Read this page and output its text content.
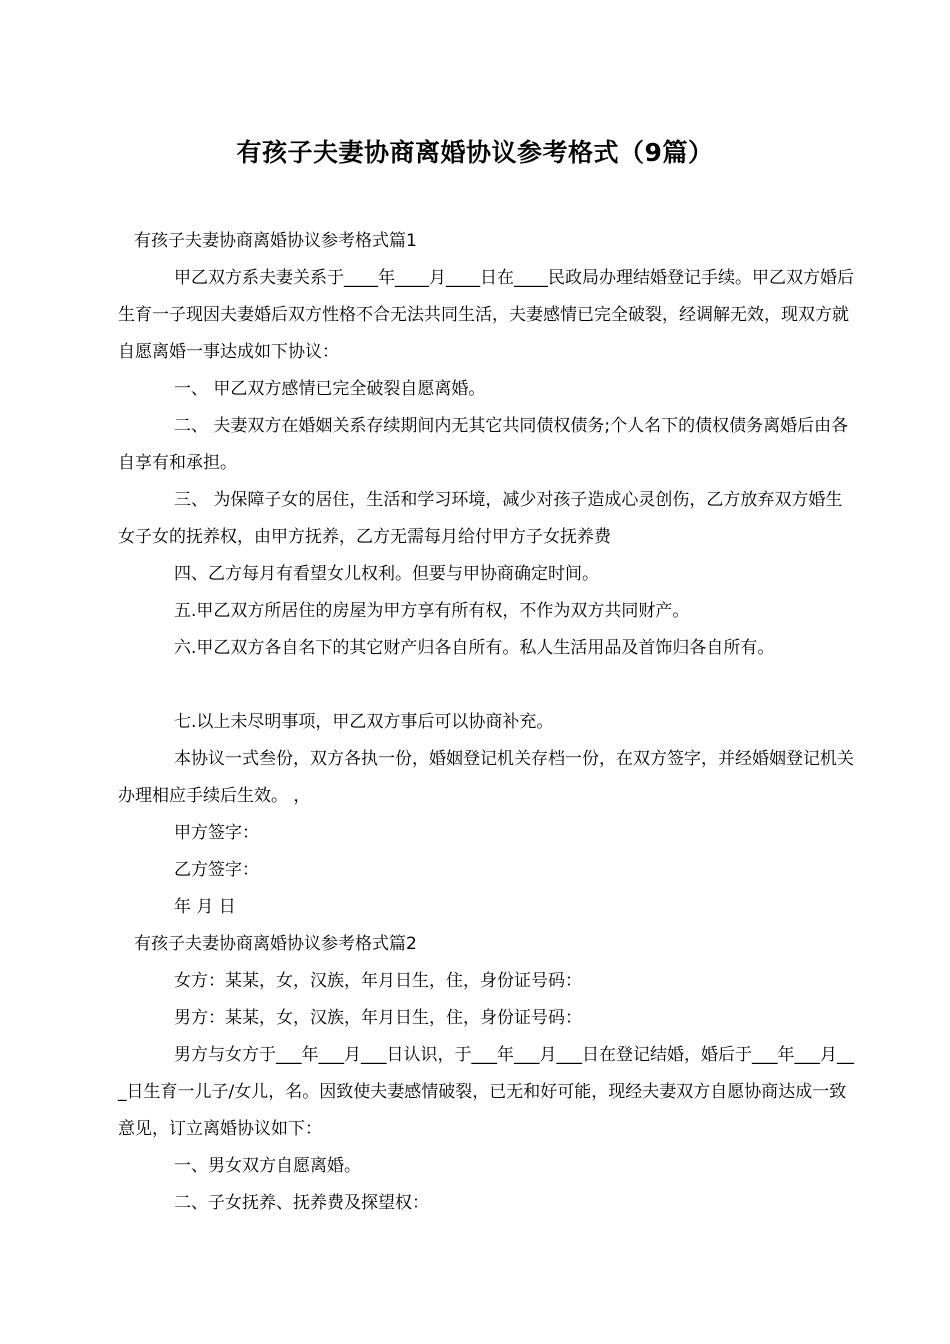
有孩子夫妻协商离婚协议参考格式（9篇）

有孩子夫妻协商离婚协议参考格式篇1

甲乙双方系夫妻关系于____年____月____日在____民政局办理结婚登记手续。甲乙双方婚后生育一子现因夫妻婚后双方性格不合无法共同生活，夫妻感情已完全破裂，经调解无效，现双方就自愿离婚一事达成如下协议：

一、 甲乙双方感情已完全破裂自愿离婚。

二、 夫妻双方在婚姻关系存续期间内无其它共同债权债务;个人名下的债权债务离婚后由各自享有和承担。

三、 为保障子女的居住，生活和学习环境，减少对孩子造成心灵创伤，乙方放弃双方婚生女子女的抚养权，由甲方抚养，乙方无需每月给付甲方子女抚养费

四、乙方每月有看望女儿权利。但要与甲协商确定时间。

五.甲乙双方所居住的房屋为甲方享有所有权，不作为双方共同财产。

六.甲乙双方各自名下的其它财产归各自所有。私人生活用品及首饰归各自所有。

七.以上未尽明事项，甲乙双方事后可以协商补充。

本协议一式叁份，双方各执一份，婚姻登记机关存档一份，在双方签字，并经婚姻登记机关办理相应手续后生效。 ，

甲方签字：

乙方签字：

年 月 日

有孩子夫妻协商离婚协议参考格式篇2

女方：某某，女，汉族，年月日生，住，身份证号码：

男方：某某，女，汉族，年月日生，住，身份证号码：

男方与女方于___年___月___日认识，于___年___月___日在登记结婚，婚后于___年___月___日生育一儿子/女儿，名。因致使夫妻感情破裂，已无和好可能，现经夫妻双方自愿协商达成一致意见，订立离婚协议如下：

一、男女双方自愿离婚。

二、子女抚养、抚养费及探望权：
